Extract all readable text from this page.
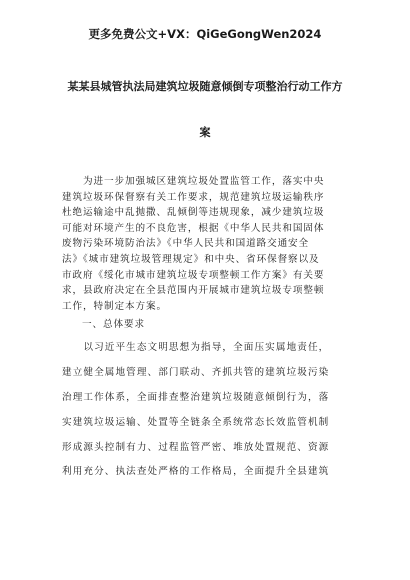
更多免费公文+VX：QiGeGongWen2024
某某县城管执法局建筑垃圾随意倾倒专项整治行动工作方
案
　　为进一步加强城区建筑垃圾处置监管工作，落实中央
建筑垃圾环保督察有关工作要求，规范建筑垃圾运输秩序
杜绝运输途中乱抛撒、乱倾倒等违规现象，减少建筑垃圾
可能对环境产生的不良危害，根据《中华人民共和国固体
废物污染环境防治法》《中华人民共和国道路交通安全
法》《城市建筑垃圾管理规定》和中央、省环保督察以及
市政府《绥化市城市建筑垃圾专项整顿工作方案》有关要
求，县政府决定在全县范围内开展城市建筑垃圾专项整顿
工作，特制定本方案。
一、总体要求
　　以习近平生态文明思想为指导，全面压实属地责任，
建立健全属地管理、部门联动、齐抓共管的建筑垃圾污染
治理工作体系，全面排查整治建筑垃圾随意倾倒行为，落
实建筑垃圾运输、处置等全链条全系统常态长效监管机制
形成源头控制有力、过程监管严密、堆放处置规范、资源
利用充分、执法查处严格的工作格局，全面提升全县建筑
